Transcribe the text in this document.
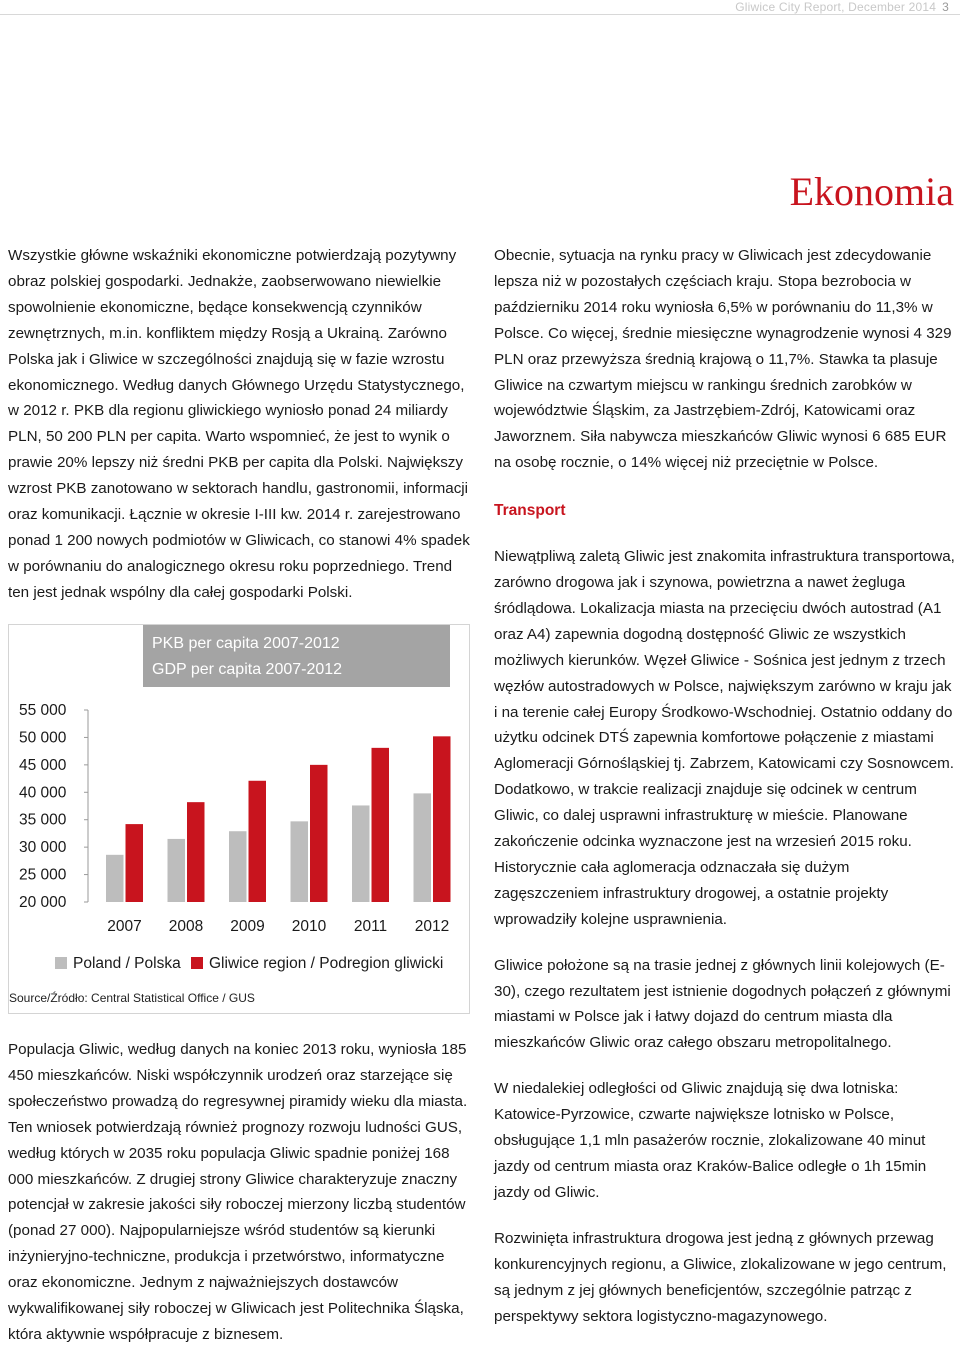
Gliwice City Report, December 2014 3
Ekonomia

Wszystkie główne wskaźniki ekonomiczne potwierdzają pozytywny obraz polskiej gospodarki. Jednakże, zaobserwowano niewielkie spowolnienie ekonomiczne, będące konsekwencją czynników zewnętrznych, m.in. konfliktem między Rosją a Ukrainą. Zarówno Polska jak i Gliwice w szczególności znajdują się w fazie wzrostu ekonomicznego. Według danych Głównego Urzędu Statystycznego, w 2012 r. PKB dla regionu gliwickiego wyniosło ponad 24 miliardy PLN, 50 200 PLN per capita. Warto wspomnieć, że jest to wynik o prawie 20% lepszy niż średni PKB per capita dla Polski. Największy wzrost PKB zanotowano w sektorach handlu, gastronomii, informacji oraz komunikacji. Łącznie w okresie I-III kw. 2014 r. zarejestrowano ponad 1 200 nowych podmiotów w Gliwicach, co stanowi 4% spadek w porównaniu do analogicznego okresu roku poprzedniego. Trend ten jest jednak wspólny dla całej gospodarki Polski.

PKB per capita 2007-2012
GDP per capita 2007-2012
55 000
50 000
45 000
40 000
35 000
30 000
25 000
20 000
2007 2008 2009 2010 2011 2012
Poland / Polska	Gliwice region / Podregion gliwicki
Source/Źródło: Central Statistical Office / GUS

Populacja Gliwic, według danych na koniec 2013 roku, wyniosła 185 450 mieszkańców. Niski współczynnik urodzeń oraz starzejące się społeczeństwo prowadzą do regresywnej piramidy wieku dla miasta. Ten wniosek potwierdzają również prognozy rozwoju ludności GUS, według których w 2035 roku populacja Gliwic spadnie poniżej 168 000 mieszkańców. Z drugiej strony Gliwice charakteryzuje znaczny potencjał w zakresie jakości siły roboczej mierzony liczbą studentów (ponad 27 000). Najpopularniejsze wśród studentów są kierunki inżynieryjno-techniczne, produkcja i przetwórstwo, informatyczne oraz ekonomiczne. Jednym z najważniejszych dostawców wykwalifikowanej siły roboczej w Gliwicach jest Politechnika Śląska, która aktywnie współpracuje z biznesem.

Obecnie, sytuacja na rynku pracy w Gliwicach jest zdecydowanie lepsza niż w pozostałych częściach kraju. Stopa bezrobocia w październiku 2014 roku wyniosła 6,5% w porównaniu do 11,3% w Polsce. Co więcej, średnie miesięczne wynagrodzenie wynosi 4 329 PLN oraz przewyższa średnią krajową o 11,7%. Stawka ta plasuje Gliwice na czwartym miejscu w rankingu średnich zarobków w województwie Śląskim, za Jastrzębiem-Zdrój, Katowicami oraz Jaworznem. Siła nabywcza mieszkańców Gliwic wynosi 6 685 EUR na osobę rocznie, o 14% więcej niż przeciętnie w Polsce.

Transport

Niewątpliwą zaletą Gliwic jest znakomita infrastruktura transportowa, zarówno drogowa jak i szynowa, powietrzna a nawet żegluga śródlądowa. Lokalizacja miasta na przecięciu dwóch autostrad (A1 oraz A4) zapewnia dogodną dostępność Gliwic ze wszystkich możliwych kierunków. Węzeł Gliwice - Sośnica jest jednym z trzech węzłów autostradowych w Polsce, największym zarówno w kraju jak i na terenie całej Europy Środkowo-Wschodniej. Ostatnio oddany do użytku odcinek DTŚ zapewnia komfortowe połączenie z miastami Aglomeracji Górnośląskiej tj. Zabrzem, Katowicami czy Sosnowcem. Dodatkowo, w trakcie realizacji znajduje się odcinek w centrum Gliwic, co dalej usprawni infrastrukturę w mieście. Planowane zakończenie odcinka wyznaczone jest na wrzesień 2015 roku. Historycznie cała aglomeracja odznaczała się dużym zagęszczeniem infrastruktury drogowej, a ostatnie projekty wprowadziły kolejne usprawnienia.

Gliwice położone są na trasie jednej z głównych linii kolejowych (E-30), czego rezultatem jest istnienie dogodnych połączeń z głównymi miastami w Polsce jak i łatwy dojazd do centrum miasta dla mieszkańców Gliwic oraz całego obszaru metropolitalnego.

W niedalekiej odległości od Gliwic znajdują się dwa lotniska: Katowice-Pyrzowice, czwarte największe lotnisko w Polsce, obsługujące 1,1 mln pasażerów rocznie, zlokalizowane 40 minut jazdy od centrum miasta oraz Kraków-Balice odległe o 1h 15min jazdy od Gliwic.

Rozwinięta infrastruktura drogowa jest jedną z głównych przewag konkurencyjnych regionu, a Gliwice, zlokalizowane w jego centrum, są jednym z jej głównych beneficjentów, szczególnie patrząc z perspektywy sektora logistyczno-magazynowego.
